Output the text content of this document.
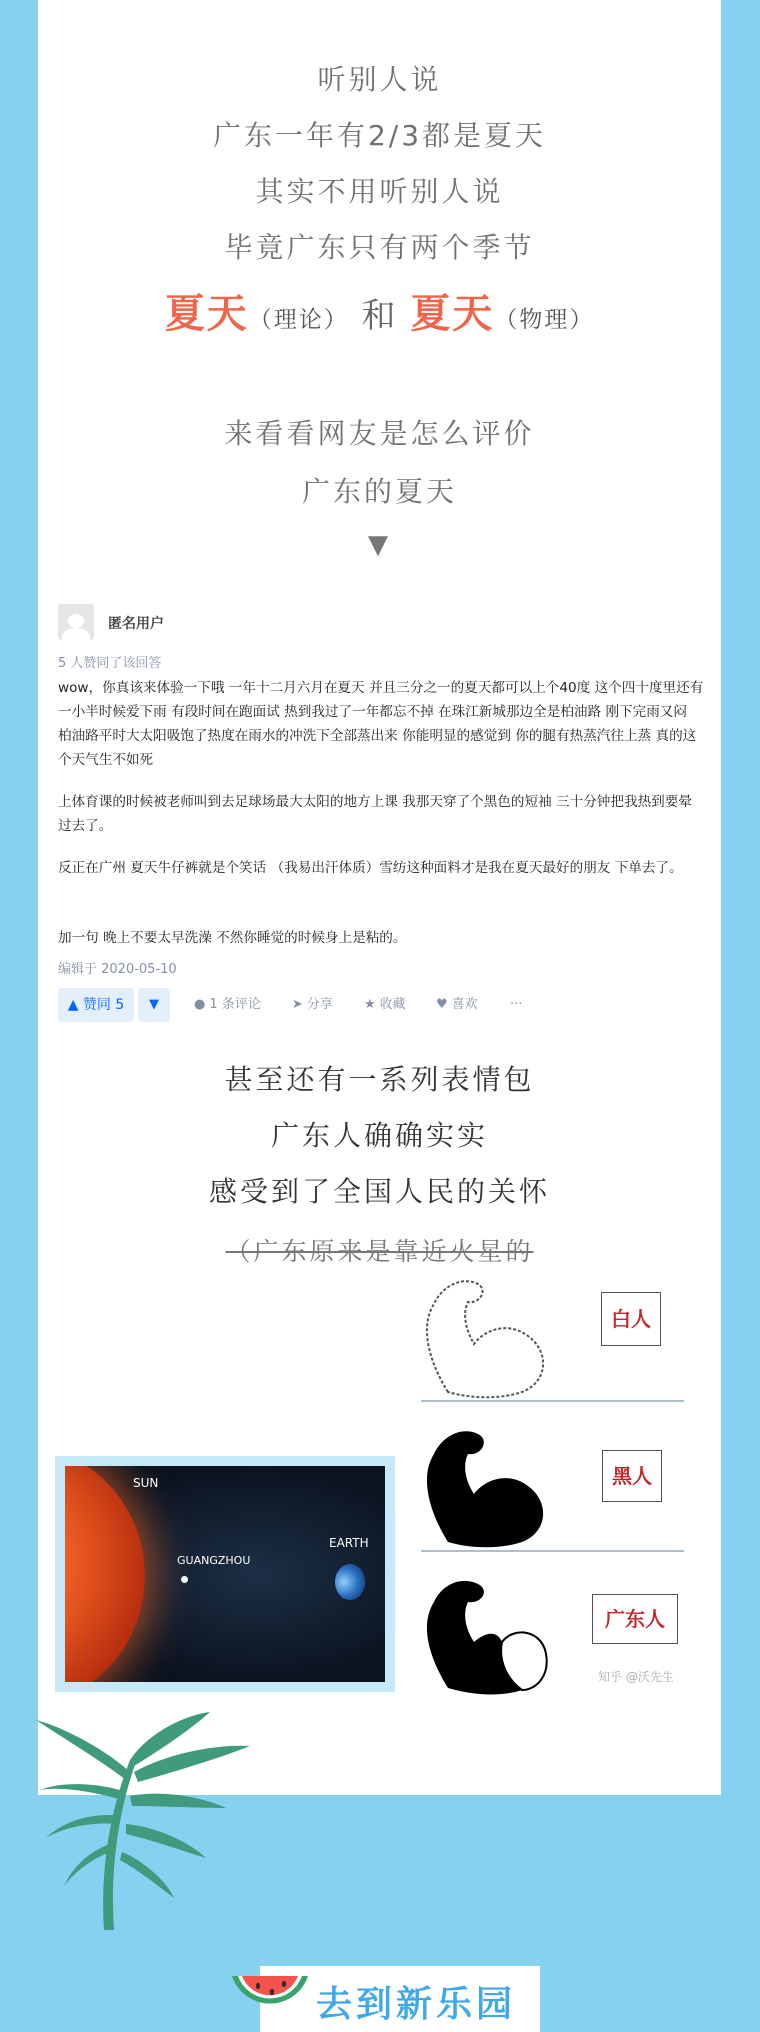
听别人说
广东一年有2/3都是夏天
其实不用听别人说
毕竟广东只有两个季节
夏天（理论） 和 夏天（物理）
来看看网友是怎么评价
广东的夏天
▼
匿名用户
5 人赞同了该回答
wow，你真该来体验一下哦 一年十二月六月在夏天 并且三分之一的夏天都可以上个40度 这个四十度里还有一小半时候爱下雨 有段时间在跑面试 热到我过了一年都忘不掉 在珠江新城那边全是柏油路 刚下完雨又闷 柏油路平时大太阳吸饱了热度在雨水的冲洗下全部蒸出来 你能明显的感觉到 你的腿有热蒸汽往上蒸 真的这个天气生不如死
上体育课的时候被老师叫到去足球场最大太阳的地方上课 我那天穿了个黑色的短袖 三十分钟把我热到要晕过去了。
反正在广州 夏天牛仔裤就是个笑话 （我易出汗体质）雪纺这种面料才是我在夏天最好的朋友 下单去了。
加一句 晚上不要太早洗澡 不然你睡觉的时候身上是粘的。
编辑于 2020-05-10
▲ 赞同 5	▼	● 1 条评论 ➤ 分享 ★ 收藏 ♥ 喜欢 ···
甚至还有一系列表情包
广东人确确实实
感受到了全国人民的关怀
（广东原来是靠近火星的
白人
黑人
广东人
知乎 @沃先生
SUN
GUANGZHOU
EARTH
去到新乐园
